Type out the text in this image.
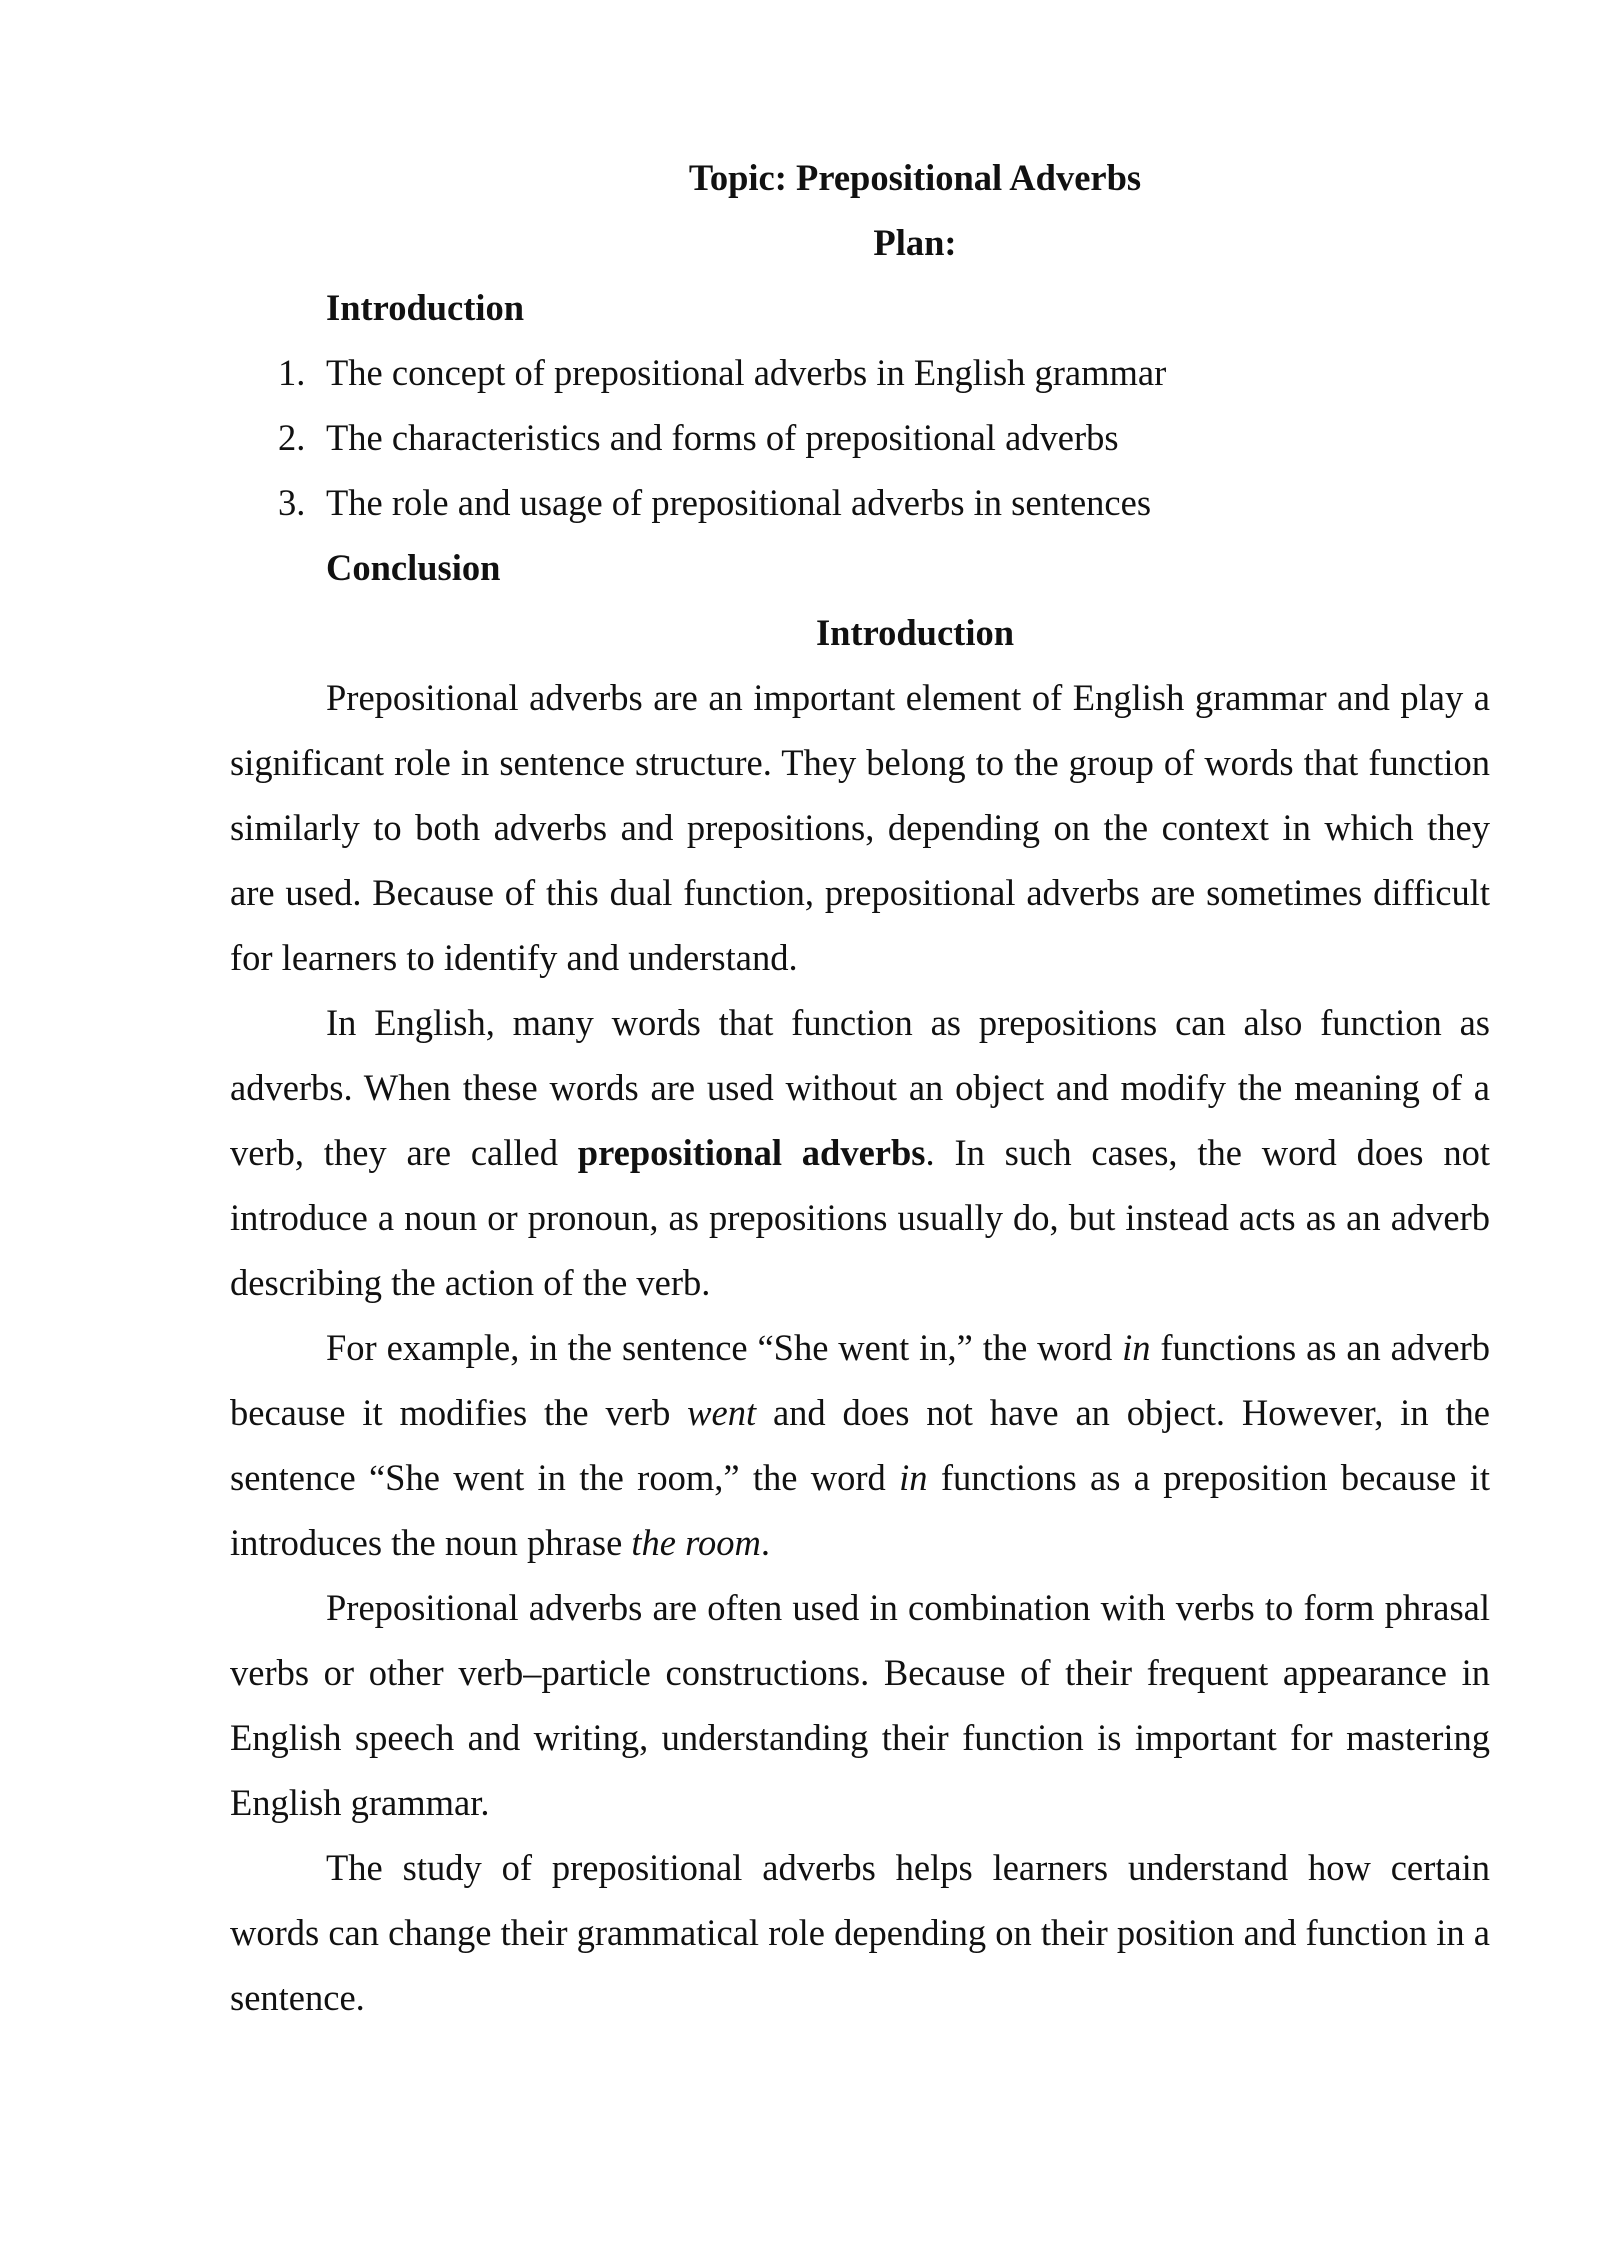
Topic: Prepositional Adverbs

Plan:

Introduction

1. The concept of prepositional adverbs in English grammar
2. The characteristics and forms of prepositional adverbs
3. The role and usage of prepositional adverbs in sentences

Conclusion

Introduction

Prepositional adverbs are an important element of English grammar and play a significant role in sentence structure. They belong to the group of words that function similarly to both adverbs and prepositions, depending on the context in which they are used. Because of this dual function, prepositional adverbs are sometimes difficult for learners to identify and understand.

In English, many words that function as prepositions can also function as adverbs. When these words are used without an object and modify the meaning of a verb, they are called prepositional adverbs. In such cases, the word does not introduce a noun or pronoun, as prepositions usually do, but instead acts as an adverb describing the action of the verb.

For example, in the sentence “She went in,” the word in functions as an adverb because it modifies the verb went and does not have an object. However, in the sentence “She went in the room,” the word in functions as a preposition because it introduces the noun phrase the room.

Prepositional adverbs are often used in combination with verbs to form phrasal verbs or other verb–particle constructions. Because of their frequent appearance in English speech and writing, understanding their function is important for mastering English grammar.

The study of prepositional adverbs helps learners understand how certain words can change their grammatical role depending on their position and function in a sentence.
